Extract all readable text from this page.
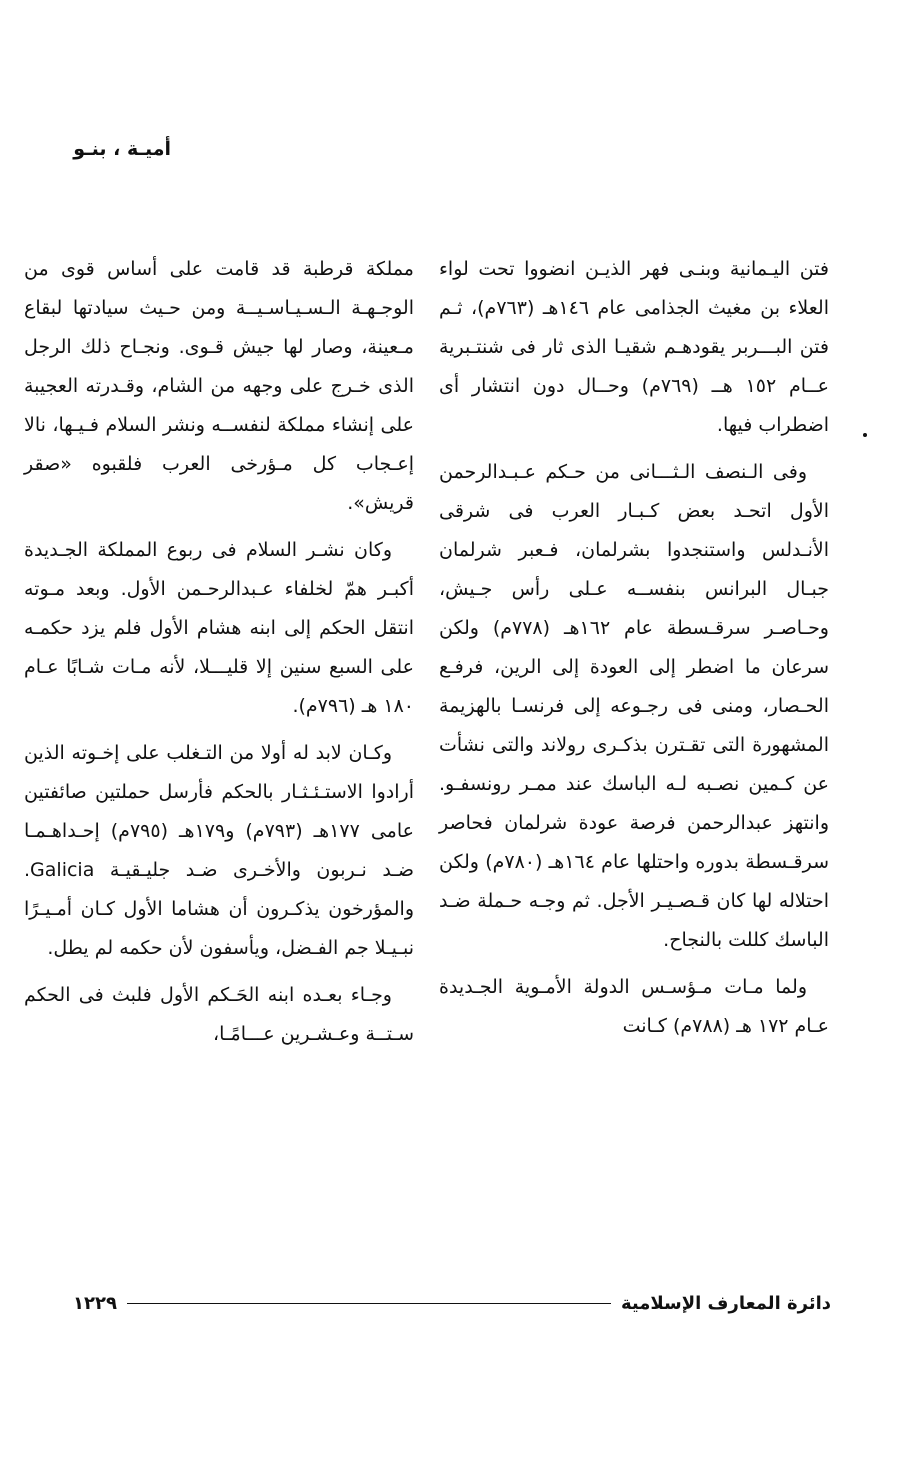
أميـة ، بنـو

فتن اليـمانية وبنـى فهر الذيـن انضووا تحت لواء العلاء بن مغيث الجذامى عام ١٤٦هـ (٧٦٣م)، ثـم فتن البـــربر يقودهـم شقيـا الذى ثار فى شنتـبرية عــام ١٥٢ هــ (٧٦٩م) وحــال دون انتشار أى اضطراب فيها.

وفى الـنصف الـثـــانى من حـكم عـبـدالرحمن الأول اتحـد بعض كـبـار العرب فى شرقى الأنـدلس واستنجدوا بشرلمان، فـعبر شرلمان جبـال البرانس بنفســه عـلى رأس جـيش، وحـاصـر سرقـسطة عام ١٦٢هـ (٧٧٨م) ولكن سرعان ما اضطر إلى العودة إلى الرين، فرفـع الحـصار، ومنى فى رجـوعه إلى فرنسـا بالهزيمة المشهورة التى تقـترن بذكـرى رولاند والتى نشأت عن كـمين نصـبه لـه الباسك عند ممـر رونسفـو. وانتهز عبدالرحمن فرصة عودة شرلمان فحاصر سرقـسطة بدوره واحتلها عام ١٦٤هـ (٧٨٠م) ولكن احتلاله لها كان قـصـيـر الأجل. ثم وجـه حـملة ضـد الباسك كللت بالنجاح.

ولما مـات مـؤسـس الدولة الأمـوية الجـديدة عـام ١٧٢ هـ (٧٨٨م) كـانت

مملكة قرطبة قد قامت على أساس قوى من الوجـهـة الـسـيـاسـيــة ومن حـيث سيادتها لبقاع مـعينة، وصار لها جيش قـوى. ونجـاح ذلك الرجل الذى خـرج على وجهه من الشام، وقـدرته العجيبة على إنشاء مملكة لنفســه ونشر السلام فـيـها، نالا إعـجاب كل مـؤرخى العرب فلقبوه «صقر قريش».

وكان نشـر السلام فى ربوع المملكة الجـديدة أكبـر همّ لخلفاء عـبدالرحـمن الأول. وبعد مـوته انتقل الحكم إلى ابنه هشام الأول فلم يزد حكمـه على السبع سنين إلا قليـــلا، لأنه مـات شـابًا عـام ١٨٠ هـ (٧٩٦م).

وكـان لابد له أولا من التـغلب على إخـوته الذين أرادوا الاستـئـثـار بالحكم فأرسل حملتين صائفتين عامى ١٧٧هـ (٧٩٣م) و١٧٩هـ (٧٩٥م) إحـداهـمـا ضـد نـربون والأخـرى ضـد جليـقيـة Galicia. والمؤرخون يذكـرون أن هشاما الأول كـان أمـيـرًا نبـيـلا جم الفـضل، ويأسفون لأن حكمه لم يطل.

وجـاء بعـده ابنه الحَـكم الأول فلبث فى الحكم سـتــة وعـشـرين عـــامًـا،

دائرة المعارف الإسلامية
١٢٢٩
